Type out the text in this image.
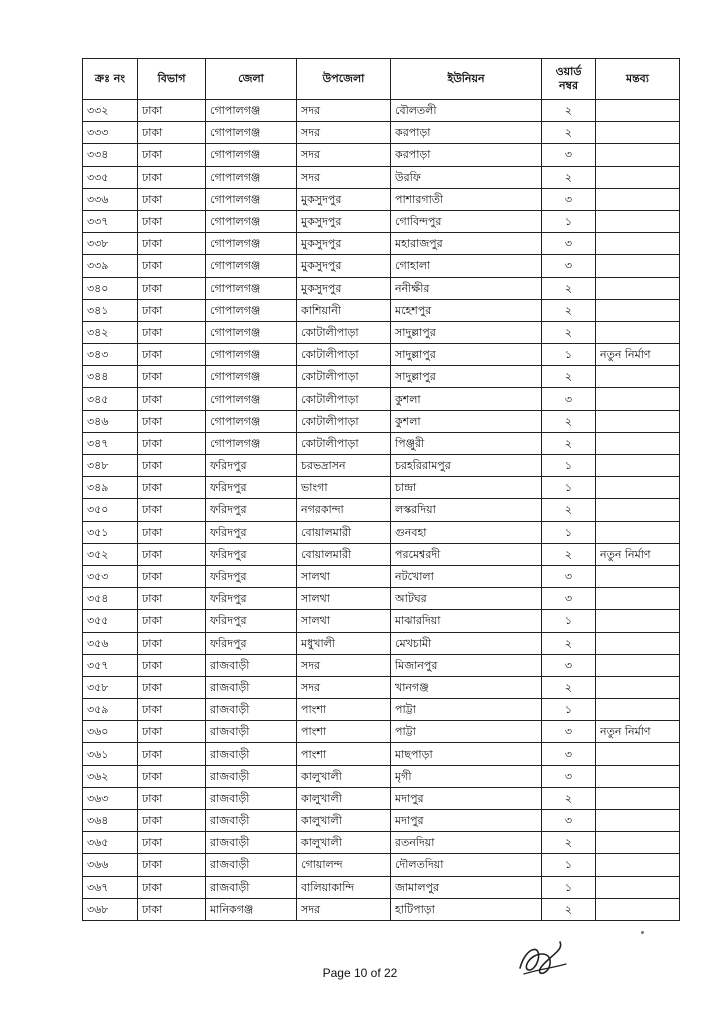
ক্রঃ নং	বিভাগ	জেলা	উপজেলা	ইউনিয়ন	ওয়ার্ড নম্বর	মন্তব্য
৩৩২	ঢাকা	গোপালগঞ্জ	সদর	বৌলতলী	২	
৩৩৩	ঢাকা	গোপালগঞ্জ	সদর	করপাড়া	২	
৩৩৪	ঢাকা	গোপালগঞ্জ	সদর	করপাড়া	৩	
৩৩৫	ঢাকা	গোপালগঞ্জ	সদর	উরফি	২	
৩৩৬	ঢাকা	গোপালগঞ্জ	মুকসুদপুর	পাশারগাতী	৩	
৩৩৭	ঢাকা	গোপালগঞ্জ	মুকসুদপুর	গোবিন্দপুর	১	
৩৩৮	ঢাকা	গোপালগঞ্জ	মুকসুদপুর	মহারাজপুর	৩	
৩৩৯	ঢাকা	গোপালগঞ্জ	মুকসুদপুর	গোহালা	৩	
৩৪০	ঢাকা	গোপালগঞ্জ	মুকসুদপুর	ননীক্ষীর	২	
৩৪১	ঢাকা	গোপালগঞ্জ	কাশিয়ানী	মহেশপুর	২	
৩৪২	ঢাকা	গোপালগঞ্জ	কোটালীপাড়া	সাদুল্লাপুর	২	
৩৪৩	ঢাকা	গোপালগঞ্জ	কোটালীপাড়া	সাদুল্লাপুর	১	নতুন নির্মাণ
৩৪৪	ঢাকা	গোপালগঞ্জ	কোটালীপাড়া	সাদুল্লাপুর	২	
৩৪৫	ঢাকা	গোপালগঞ্জ	কোটালীপাড়া	কুশলা	৩	
৩৪৬	ঢাকা	গোপালগঞ্জ	কোটালীপাড়া	কুশলা	২	
৩৪৭	ঢাকা	গোপালগঞ্জ	কোটালীপাড়া	পিঞ্জুরী	২	
৩৪৮	ঢাকা	ফরিদপুর	চরভদ্রাসন	চরহরিরামপুর	১	
৩৪৯	ঢাকা	ফরিদপুর	ভাংগা	চান্দ্রা	১	
৩৫০	ঢাকা	ফরিদপুর	নগরকান্দা	লস্করদিয়া	২	
৩৫১	ঢাকা	ফরিদপুর	বোয়ালমারী	গুনবহা	১	
৩৫২	ঢাকা	ফরিদপুর	বোয়ালমারী	পরমেশ্বরদী	২	নতুন নির্মাণ
৩৫৩	ঢাকা	ফরিদপুর	সালথা	নটখোলা	৩	
৩৫৪	ঢাকা	ফরিদপুর	সালথা	আটঘর	৩	
৩৫৫	ঢাকা	ফরিদপুর	সালথা	মাঝারদিয়া	১	
৩৫৬	ঢাকা	ফরিদপুর	মধুখালী	মেখচামী	২	
৩৫৭	ঢাকা	রাজবাড়ী	সদর	মিজানপুর	৩	
৩৫৮	ঢাকা	রাজবাড়ী	সদর	খানগঞ্জ	২	
৩৫৯	ঢাকা	রাজবাড়ী	পাংশা	পাট্টা	১	
৩৬০	ঢাকা	রাজবাড়ী	পাংশা	পাট্টা	৩	নতুন নির্মাণ
৩৬১	ঢাকা	রাজবাড়ী	পাংশা	মাছপাড়া	৩	
৩৬২	ঢাকা	রাজবাড়ী	কালুখালী	মৃগী	৩	
৩৬৩	ঢাকা	রাজবাড়ী	কালুখালী	মদাপুর	২	
৩৬৪	ঢাকা	রাজবাড়ী	কালুখালী	মদাপুর	৩	
৩৬৫	ঢাকা	রাজবাড়ী	কালুখালী	রতনদিয়া	২	
৩৬৬	ঢাকা	রাজবাড়ী	গোয়ালন্দ	দৌলতদিয়া	১	
৩৬৭	ঢাকা	রাজবাড়ী	বালিয়াকান্দি	জামালপুর	১	
৩৬৮	ঢাকা	মানিকগঞ্জ	সদর	হাটিপাড়া	২	
Page 10 of 22
